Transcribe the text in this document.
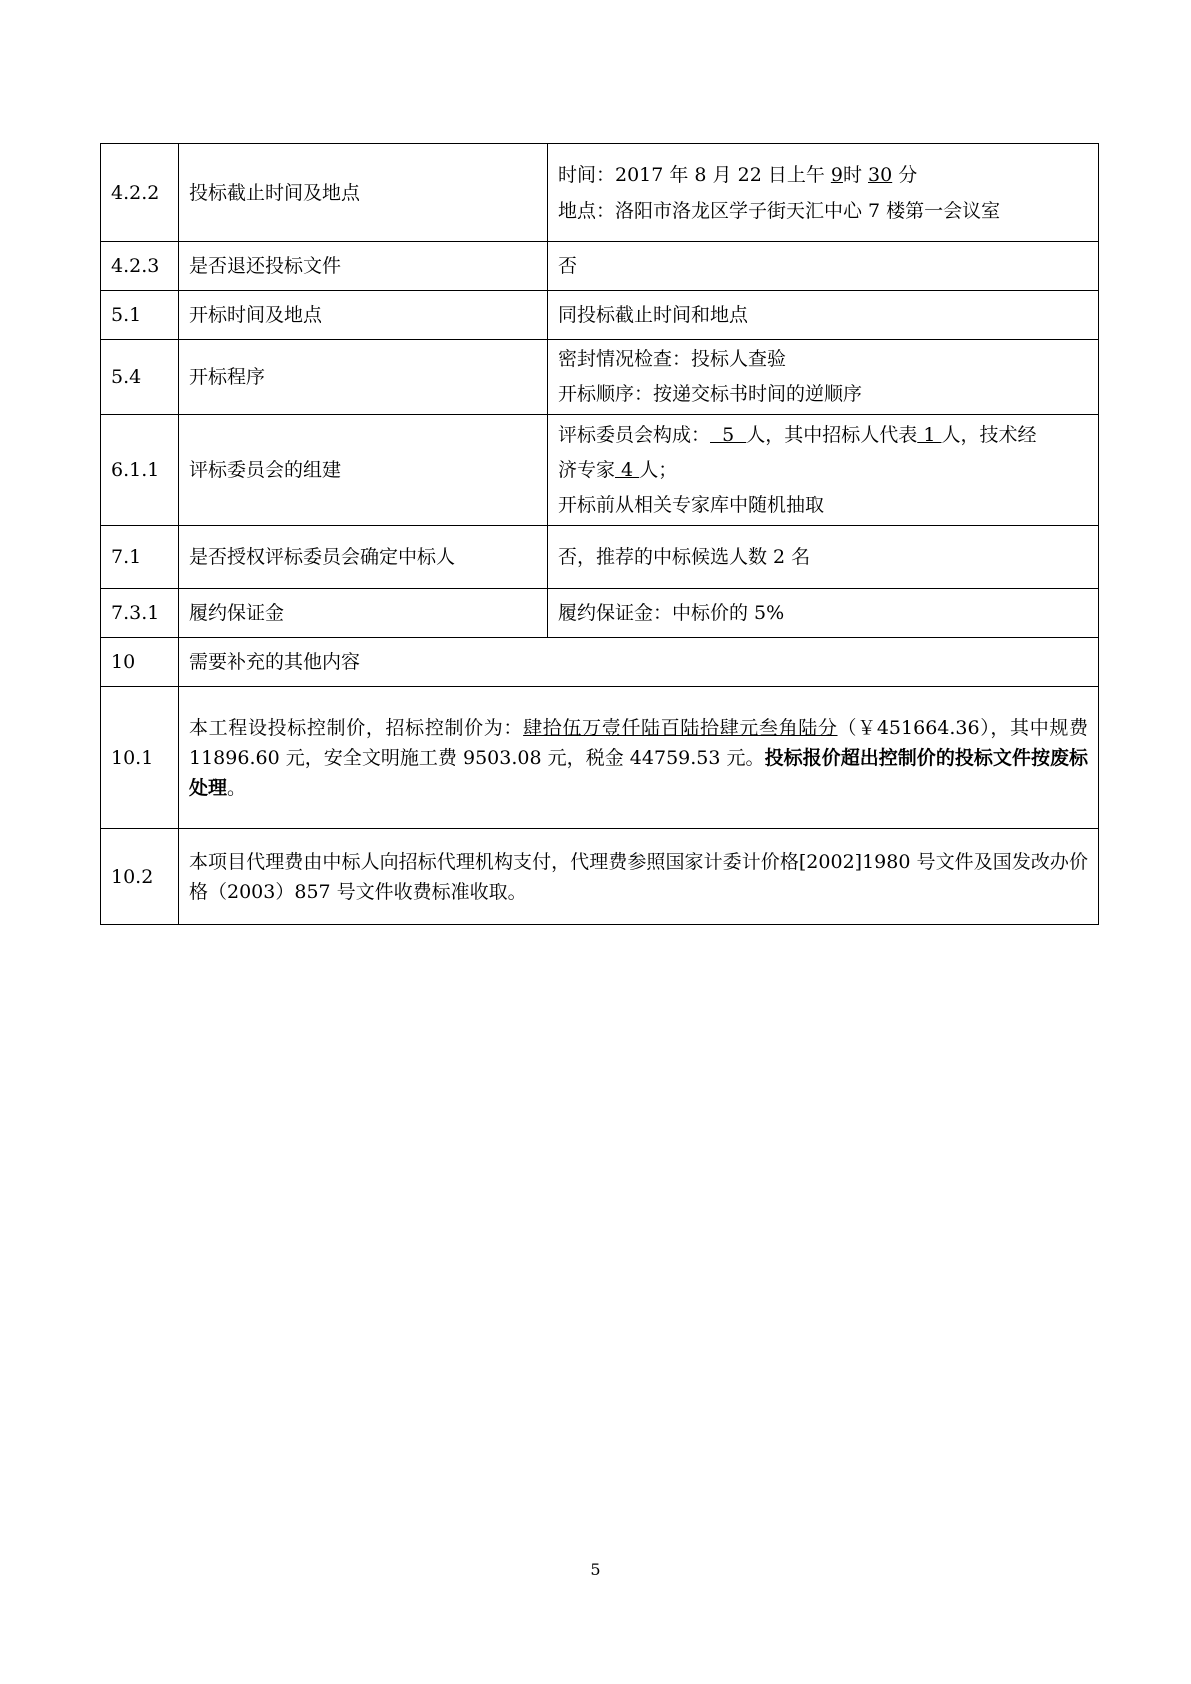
4.2.2	投标截止时间及地点	时间：2017 年 8 月 22 日上午 9时 30 分
地点：洛阳市洛龙区学子街天汇中心 7 楼第一会议室

4.2.3	是否退还投标文件	否
5.1	开标时间及地点	同投标截止时间和地点
5.4	开标程序	密封情况检查：投标人查验
开标顺序：按递交标书时间的逆顺序

6.1.1	评标委员会的组建	评标委员会构成：  5  人，其中招标人代表 1 人，技术经
济专家 4 人；
开标前从相关专家库中随机抽取

7.1	是否授权评标委员会确定中标人	否，推荐的中标候选人数 2 名
7.3.1	履约保证金	履约保证金：中标价的 5%
10	需要补充的其他内容	
10.1	本工程设投标控制价，招标控制价为：肆拾伍万壹仟陆百陆拾肆元叁角陆分（￥451664.36），其中规费 11896.60 元，安全文明施工费 9503.08 元，税金 44759.53 元。投标报价超出控制价的投标文件按废标处理。	
10.2	本项目代理费由中标人向招标代理机构支付，代理费参照国家计委计价格[2002]1980 号文件及国发改办价格（2003）857 号文件收费标准收取。	
5
